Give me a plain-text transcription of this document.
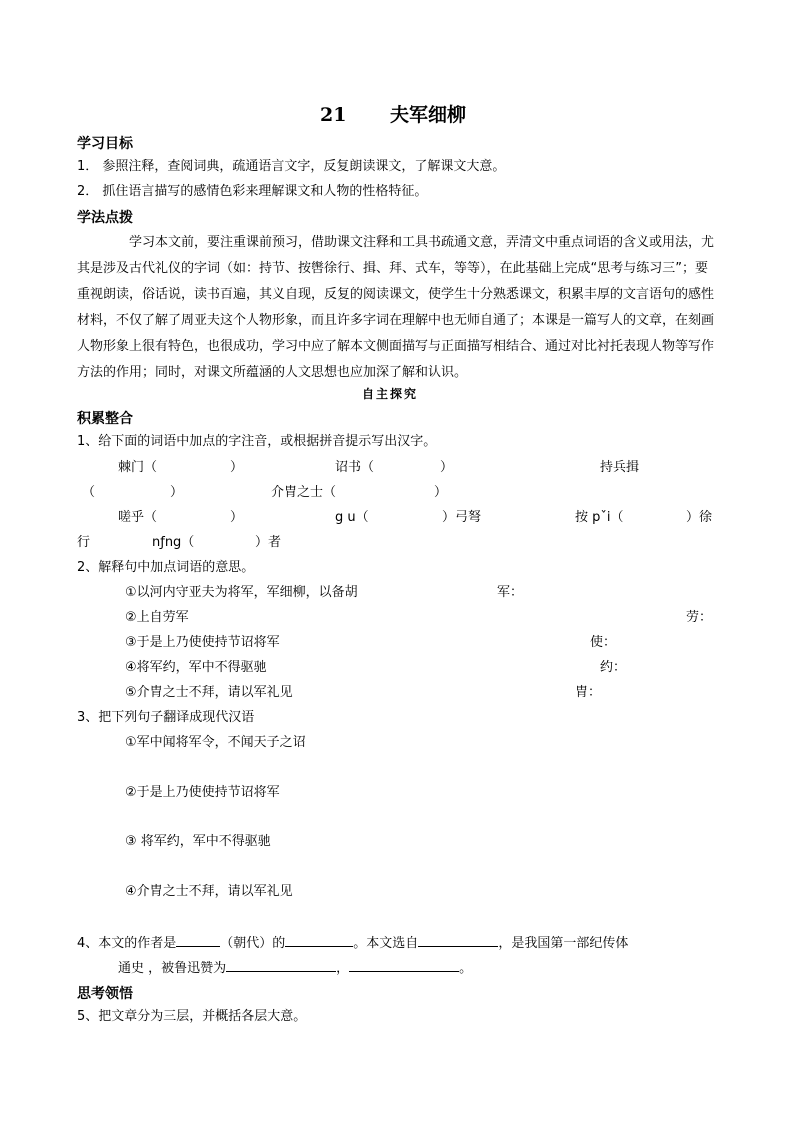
21 夫军细柳
学习目标
1． 参照注释，查阅词典，疏通语言文字，反复朗读课文，了解课文大意。
2． 抓住语言描写的感情色彩来理解课文和人物的性格特征。
学法点拨
学习本文前，要注重课前预习，借助课文注释和工具书疏通文意，弄清文中重点词语的含义或用法，尤其是涉及古代礼仪的字词（如：持节、按辔徐行、揖、拜、式车，等等），在此基础上完成“思考与练习三”；要重视朗读，俗话说，读书百遍，其义自现，反复的阅读课文，使学生十分熟悉课文，积累丰厚的文言语句的感性材料，不仅了解了周亚夫这个人物形象，而且许多字词在理解中也无师自通了；本课是一篇写人的文章，在刻画人物形象上很有特色，也很成功，学习中应了解本文侧面描写与正面描写相结合、通过对比衬托表现人物等写作方法的作用；同时，对课文所蕴涵的人文思想也应加深了解和认识。
自主探究
积累整合
1、给下面的词语中加点的字注音，或根据拼音提示写出汉字。
棘门（	）	诏书（	）	持兵揖
（	）	介胄之士（	）
嗟乎（	）	g u（	）弓弩	按 pˇi（	）徐
行	nƒng（	）者
2、解释句中加点词语的意思。
①以河内守亚夫为将军，军细柳，以备胡	军：
②上自劳军	劳：
③于是上乃使使持节诏将军	使：
④将军约，军中不得驱驰	约：
⑤介胄之士不拜，请以军礼见	胄：
3、把下列句子翻译成现代汉语
①军中闻将军令，不闻天子之诏
②于是上乃使使持节诏将军
③ 将军约，军中不得驱驰
④介胄之士不拜，请以军礼见
4、本文的作者是	（朝代）的	。本文选自	，是我国第一部纪传体
通史 ，被鲁迅赞为	，	。
思考领悟
5、把文章分为三层，并概括各层大意。
